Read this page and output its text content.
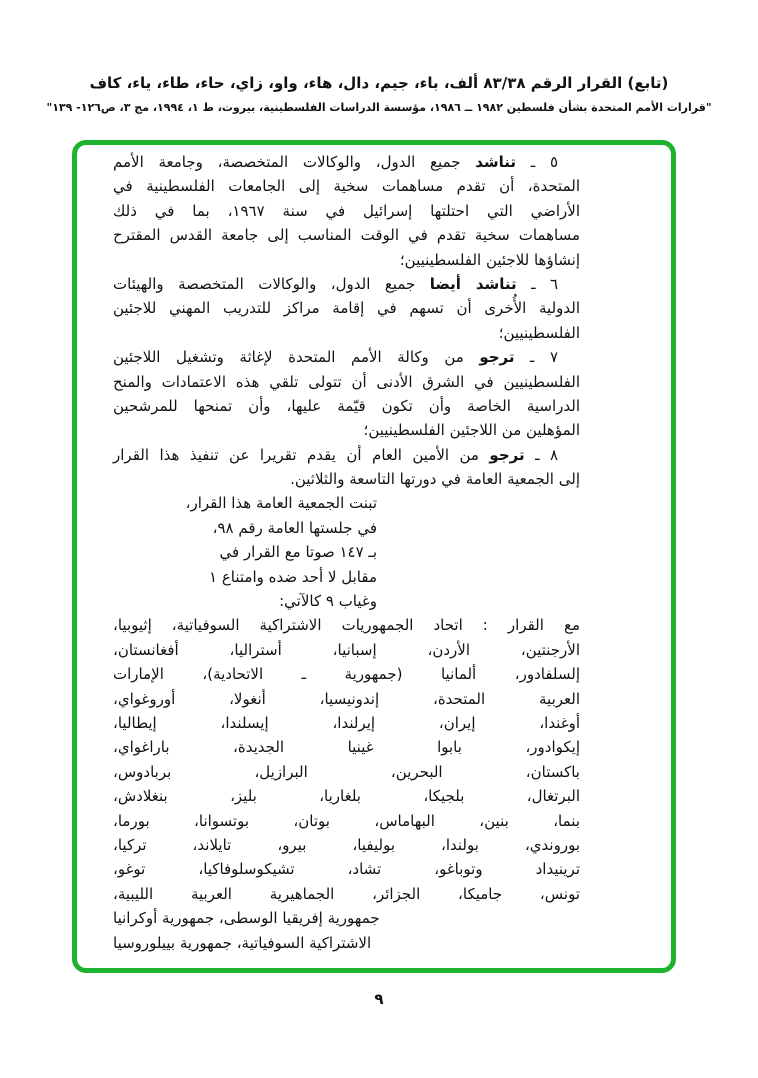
(تابع) القرار الرقم ٨٣/٣٨ ألف، باء، جيم، دال، هاء، واو، زاي، حاء، طاء، ياء، كاف
"قرارات الأمم المتحدة بشأن فلسطين ١٩٨٢ ــ ١٩٨٦، مؤسسة الدراسات الفلسطينية، بيروت، ط ١، ١٩٩٤، مج ٣، ص١٢٦- ١٣٩"
٥ ـ تناشد جميع الدول، والوكالات المتخصصة، وجامعة الأمم
المتحدة، أن تقدم مساهمات سخية إلى الجامعات الفلسطينية في
الأراضي التي احتلتها إسرائيل في سنة ١٩٦٧، بما في ذلك
مساهمات سخية تقدم في الوقت المناسب إلى جامعة القدس المقترح
إنشاؤها للاجئين الفلسطينيين؛
٦ ـ تناشد أيضا جميع الدول، والوكالات المتخصصة والهيئات
الدولية الأُخرى أن تسهم في إقامة مراكز للتدريب المهني للاجئين
الفلسطينيين؛
٧ ـ ترجو من وكالة الأمم المتحدة لإغاثة وتشغيل اللاجئين
الفلسطينيين في الشرق الأدنى أن تتولى تلقي هذه الاعتمادات والمنح
الدراسية الخاصة وأن تكون قيّمة عليها، وأن تمنحها للمرشحين
المؤهلين من اللاجئين الفلسطينيين؛
٨ ـ ترجو من الأمين العام أن يقدم تقريرا عن تنفيذ هذا القرار
إلى الجمعية العامة في دورتها التاسعة والثلاثين.
تبنت الجمعية العامة هذا القرار،
في جلستها العامة رقم ٩٨،
بـ ١٤٧ صوتا مع القرار في
مقابل لا أحد ضده وامتناع ١
وغياب ٩ كالآتي:
مع القرار : اتحاد الجمهوريات الاشتراكية السوفياتية، إثيوبيا،
الأرجنتين، الأردن، إسبانيا، أستراليا، أفغانستان،
إلسلفادور، ألمانيا (جمهورية ـ الاتحادية)، الإمارات
العربية المتحدة، إندونيسيا، أنغولا، أوروغواي،
أوغندا، إيران، إيرلندا، إيسلندا، إيطاليا،
إيكوادور، بابوا غينيا الجديدة، باراغواي،
باكستان، البحرين، البرازيل، بربادوس،
البرتغال، بلجيكا، بلغاريا، بليز، بنغلادش،
بنما، بنين، البهاماس، بوتان، بوتسوانا، بورما،
بوروندي، بولندا، بوليفيا، بيرو، تايلاند، تركيا،
ترينيداد وتوباغو، تشاد، تشيكوسلوفاكيا، توغو،
تونس، جاميكا، الجزائر، الجماهيرية العربية الليبية،
جمهورية إفريقيا الوسطى، جمهورية أوكرانيا
الاشتراكية السوفياتية، جمهورية بييلوروسيا
٩
